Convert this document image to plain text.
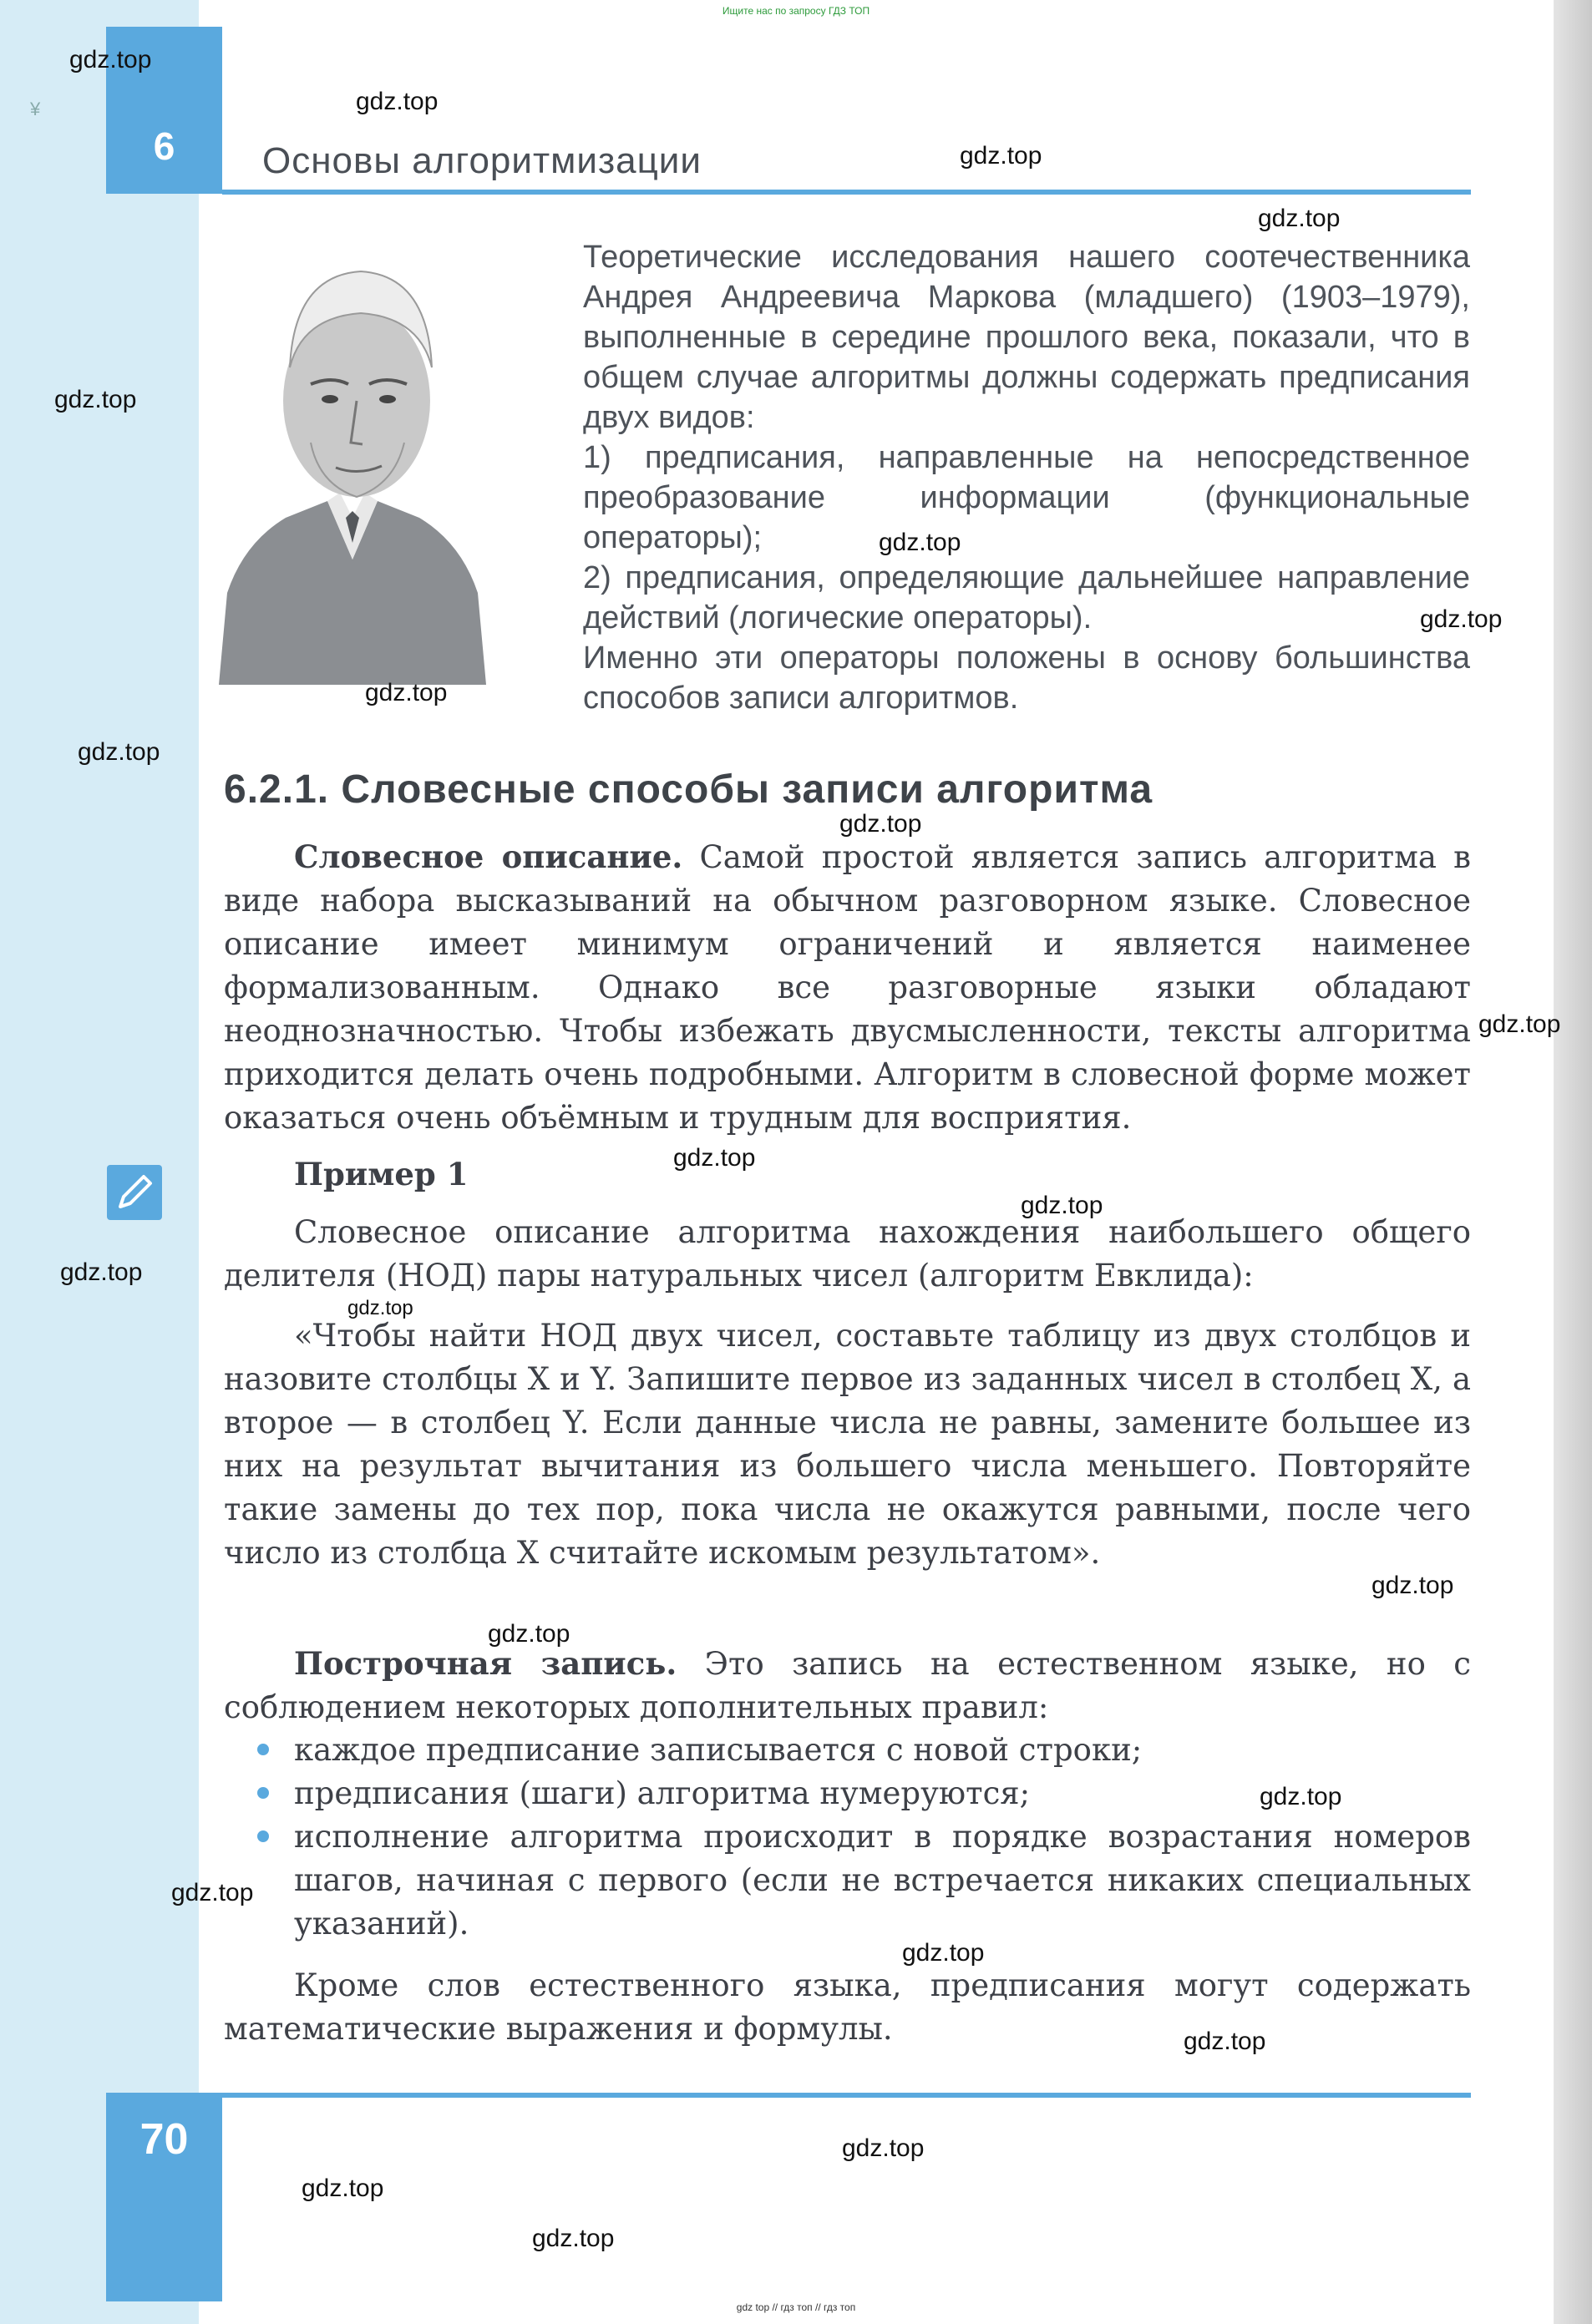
Ищите нас по запросу ГДЗ ТОП
¥
6	Основы алгоритмизации

Теоретические исследования нашего соотечественника Андрея Андреевича Маркова (младшего) (1903–1979), выполненные в середине прошлого века, показали, что в общем случае алгоритмы должны содержать предписания двух видов:

1) предписания, направленные на непосредственное преобразование информации (функциональные операторы);

2) предписания, определяющие дальнейшее направление действий (логические операторы).

Именно эти операторы положены в основу большинства способов записи алгоритмов.

6.2.1. Словесные способы записи алгоритма

Словесное описание. Самой простой является запись алгоритма в виде набора высказываний на обычном разговорном языке. Словесное описание имеет минимум ограничений и является наименее формализованным. Однако все разговорные языки обладают неоднозначностью. Чтобы избежать двусмысленности, тексты алгоритма приходится делать очень подробными. Алгоритм в словесной форме может оказаться очень объёмным и трудным для восприятия.

Пример 1

Словесное описание алгоритма нахождения наибольшего общего делителя (НОД) пары натуральных чисел (алгоритм Евклида):

«Чтобы найти НОД двух чисел, составьте таблицу из двух столбцов и назовите столбцы X и Y. Запишите первое из заданных чисел в столбец X, а второе — в столбец Y. Если данные числа не равны, замените большее из них на результат вычитания из большего числа меньшего. Повторяйте такие замены до тех пор, пока числа не окажутся равными, после чего число из столбца X считайте искомым результатом».

Построчная запись. Это запись на естественном языке, но с соблюдением некоторых дополнительных правил:

каждое предписание записывается с новой строки;
предписания (шаги) алгоритма нумеруются;
исполнение алгоритма происходит в порядке возрастания номеров шагов, начиная с первого (если не встречается никаких специальных указаний).

Кроме слов естественного языка, предписания могут содержать математические выражения и формулы.

70
gdz top // гдз топ // гдз топ
gdz.top
gdz.top
gdz.top
gdz.top
gdz.top
gdz.top
gdz.top
gdz.top
gdz.top
gdz.top
gdz.top
gdz.top
gdz.top
gdz.top
gdz.top
gdz.top
gdz.top
gdz.top
gdz.top
gdz.top
gdz.top
gdz.top
gdz.top
gdz.top
